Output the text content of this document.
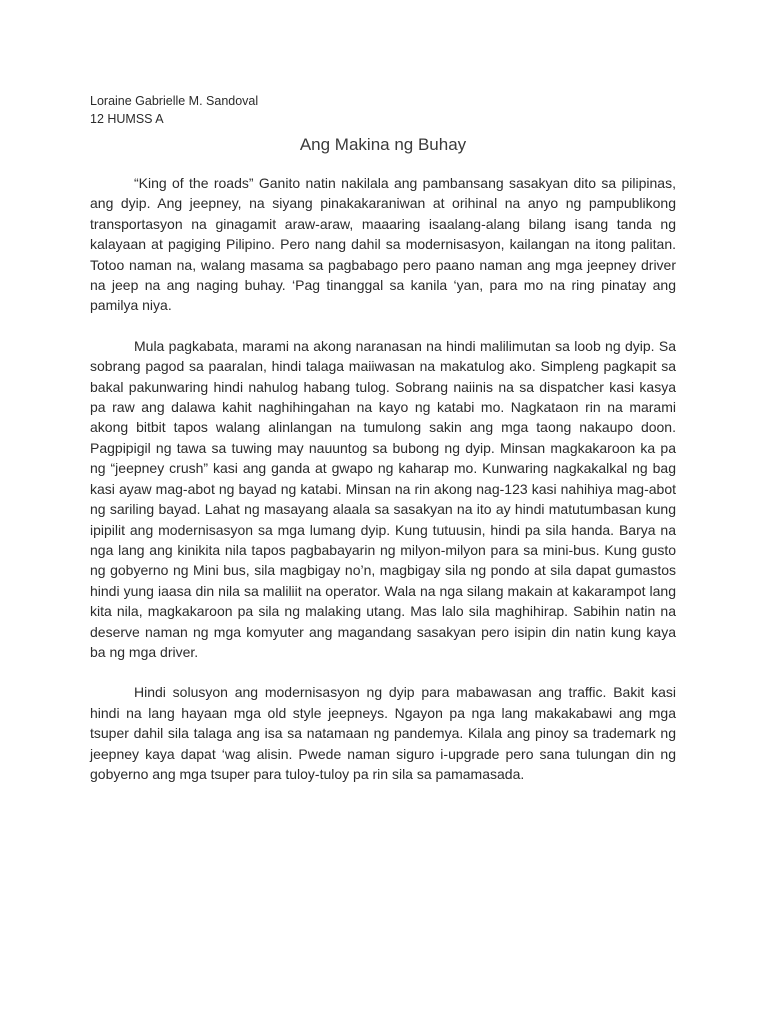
Loraine Gabrielle M. Sandoval

12 HUMSS A

Ang Makina ng Buhay

“King of the roads” Ganito natin nakilala ang pambansang sasakyan dito sa pilipinas, ang dyip. Ang jeepney, na siyang pinakakaraniwan at orihinal na anyo ng pampublikong transportasyon na ginagamit araw-araw, maaaring isaalang-alang bilang isang tanda ng kalayaan at pagiging Pilipino. Pero nang dahil sa modernisasyon, kailangan na itong palitan. Totoo naman na, walang masama sa pagbabago pero paano naman ang mga jeepney driver na jeep na ang naging buhay. ‘Pag tinanggal sa kanila ‘yan, para mo na ring pinatay ang pamilya niya.

Mula pagkabata, marami na akong naranasan na hindi malilimutan sa loob ng dyip. Sa sobrang pagod sa paaralan, hindi talaga maiiwasan na makatulog ako. Simpleng pagkapit sa bakal pakunwaring hindi nahulog habang tulog. Sobrang naiinis na sa dispatcher kasi kasya pa raw ang dalawa kahit naghihingahan na kayo ng katabi mo. Nagkataon rin na marami akong bitbit tapos walang alinlangan na tumulong sakin ang mga taong nakaupo doon. Pagpipigil ng tawa sa tuwing may nauuntog sa bubong ng dyip. Minsan magkakaroon ka pa ng “jeepney crush” kasi ang ganda at gwapo ng kaharap mo. Kunwaring nagkakalkal ng bag kasi ayaw mag-abot ng bayad ng katabi. Minsan na rin akong nag-123 kasi nahihiya mag-abot ng sariling bayad. Lahat ng masayang alaala sa sasakyan na ito ay hindi matutumbasan kung ipipilit ang modernisasyon sa mga lumang dyip. Kung tutuusin, hindi pa sila handa. Barya na nga lang ang kinikita nila tapos pagbabayarin ng milyon-milyon para sa mini-bus. Kung gusto ng gobyerno ng Mini bus, sila magbigay no’n, magbigay sila ng pondo at sila dapat gumastos hindi yung iaasa din nila sa maliliit na operator. Wala na nga silang makain at kakarampot lang kita nila, magkakaroon pa sila ng malaking utang. Mas lalo sila maghihirap. Sabihin natin na deserve naman ng mga komyuter ang magandang sasakyan pero isipin din natin kung kaya ba ng mga driver.

Hindi solusyon ang modernisasyon ng dyip para mabawasan ang traffic. Bakit kasi hindi na lang hayaan mga old style jeepneys. Ngayon pa nga lang makakabawi ang mga tsuper dahil sila talaga ang isa sa natamaan ng pandemya. Kilala ang pinoy sa trademark ng jeepney kaya dapat ‘wag alisin. Pwede naman siguro i-upgrade pero sana tulungan din ng gobyerno ang mga tsuper para tuloy-tuloy pa rin sila sa pamamasada.
